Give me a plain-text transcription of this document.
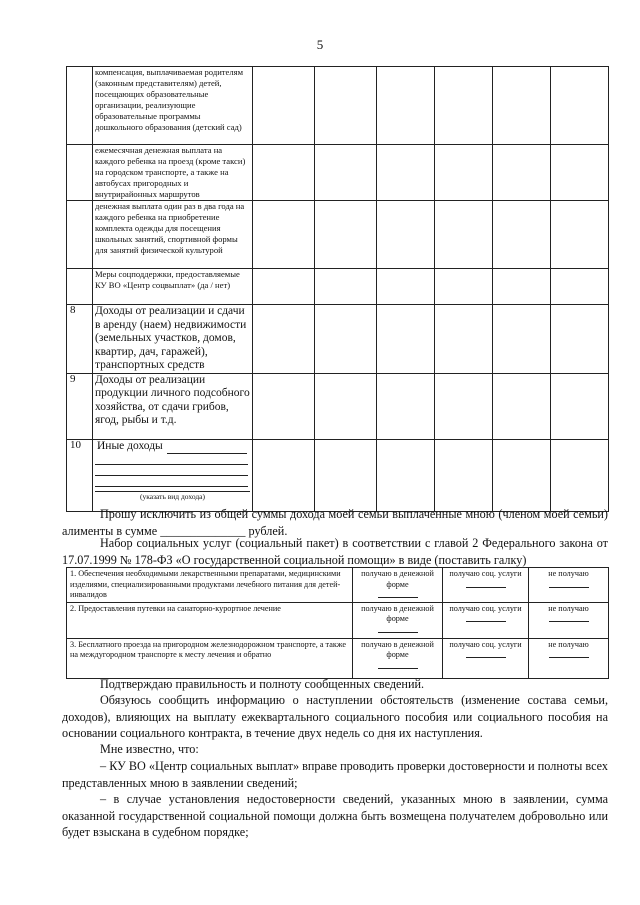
5
	компенсация, выплачиваемая родителям (законным представителям) детей, посещающих образовательные организации, реализующие образовательные программы дошкольного образования (детский сад)						
	ежемесячная денежная выплата на каждого ребенка на проезд (кроме такси) на городском транспорте, а также на автобусах пригородных и внутрирайонных маршрутов						
	денежная выплата один раз в два года на каждого ребенка на приобретение комплекта одежды для посещения школьных занятий, спортивной формы для занятий физической культурой						
	Меры соцподдержки, предоставляемые КУ ВО «Центр соцвыплат» (да / нет)						
8	Доходы от реализации и сдачи в аренду (наем) недвижимости (земельных участков, домов, квартир, дач, гаражей), транспортных средств						
9	Доходы от реализации продукции личного подсобного хозяйства, от сдачи грибов, ягод, рыбы и т.д.						
10	Иные доходы
(указать вид дохода)						

Прошу исключить из общей суммы дохода моей семьи выплаченные мною (членом моей семьи) алименты в сумме ______________ рублей.
Набор социальных услуг (социальный пакет) в соответствии с главой 2 Федерального закона от 17.07.1999 № 178-ФЗ «О государственной социальной помощи» в виде (поставить галку)
1. Обеспечения необходимыми лекарственными препаратами, медицинскими изделиями, специализированными продуктами лечебного питания для детей-инвалидов	получаю в денежной форме	получаю соц. услуги	не получаю

2. Предоставления путевки на санаторно-курортное лечение	получаю в денежной форме	получаю соц. услуги	не получаю

3. Бесплатного проезда на пригородном железнодорожном транспорте, а также на междугородном транспорте к месту лечения и обратно	получаю в денежной форме	получаю соц. услуги	не получаю
Подтверждаю правильность и полноту сообщенных сведений.
Обязуюсь сообщить информацию о наступлении обстоятельств (изменение состава семьи, доходов), влияющих на выплату ежеквартального социального пособия или социального пособия на основании социального контракта, в течение двух недель со дня их наступления.
Мне известно, что:
– КУ ВО «Центр социальных выплат» вправе проводить проверки достоверности и полноты всех представленных мною в заявлении сведений;
– в случае установления недостоверности сведений, указанных мною в заявлении, сумма оказанной государственной социальной помощи должна быть возмещена получателем добровольно или будет взыскана в судебном порядке;
